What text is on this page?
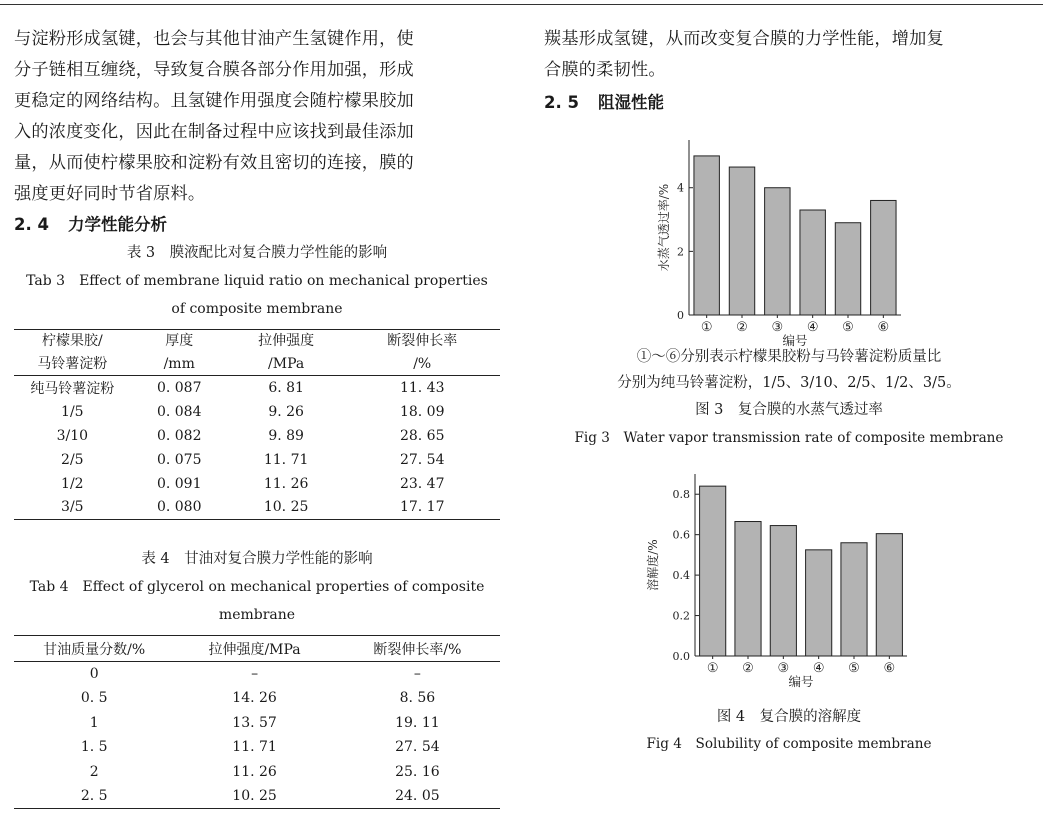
与淀粉形成氢键，也会与其他甘油产生氢键作用，使
分子链相互缠绕，导致复合膜各部分作用加强，形成
更稳定的网络结构。且氢键作用强度会随柠檬果胶加
入的浓度变化，因此在制备过程中应该找到最佳添加
量，从而使柠檬果胶和淀粉有效且密切的连接，膜的
强度更好同时节省原料。
2. 4 力学性能分析
表 3　膜液配比对复合膜力学性能的影响
Tab 3　Effect of membrane liquid ratio on mechanical properties
of composite membrane
柠檬果胶/	厚度	拉伸强度	断裂伸长率
马铃薯淀粉	/mm	/MPa	/%
纯马铃薯淀粉	0. 087	6. 81	11. 43
1/5	0. 084	9. 26	18. 09
3/10	0. 082	9. 89	28. 65
2/5	0. 075	11. 71	27. 54
1/2	0. 091	11. 26	23. 47
3/5	0. 080	10. 25	17. 17
表 4　甘油对复合膜力学性能的影响
Tab 4　Effect of glycerol on mechanical properties of composite
membrane
甘油质量分数/%	拉伸强度/MPa	断裂伸长率/%
0	–	–
0. 5	14. 26	8. 56
1	13. 57	19. 11
1. 5	11. 71	27. 54
2	11. 26	25. 16
2. 5	10. 25	24. 05
羰基形成氢键，从而改变复合膜的力学性能，增加复
合膜的柔韧性。
2. 5 阻湿性能
0
2
4
① ② ③ ④ ⑤ ⑥
编号
水蒸气透过率/%
①～⑥分别表示柠檬果胶粉与马铃薯淀粉质量比
分别为纯马铃薯淀粉，1/5、3/10、2/5、1/2、3/5。
图 3　复合膜的水蒸气透过率
Fig 3　Water vapor transmission rate of composite membrane
0.0
0.2
0.4
0.6
0.8
① ② ③ ④ ⑤ ⑥
编号
溶解度/%
图 4　复合膜的溶解度
Fig 4　Solubility of composite membrane
